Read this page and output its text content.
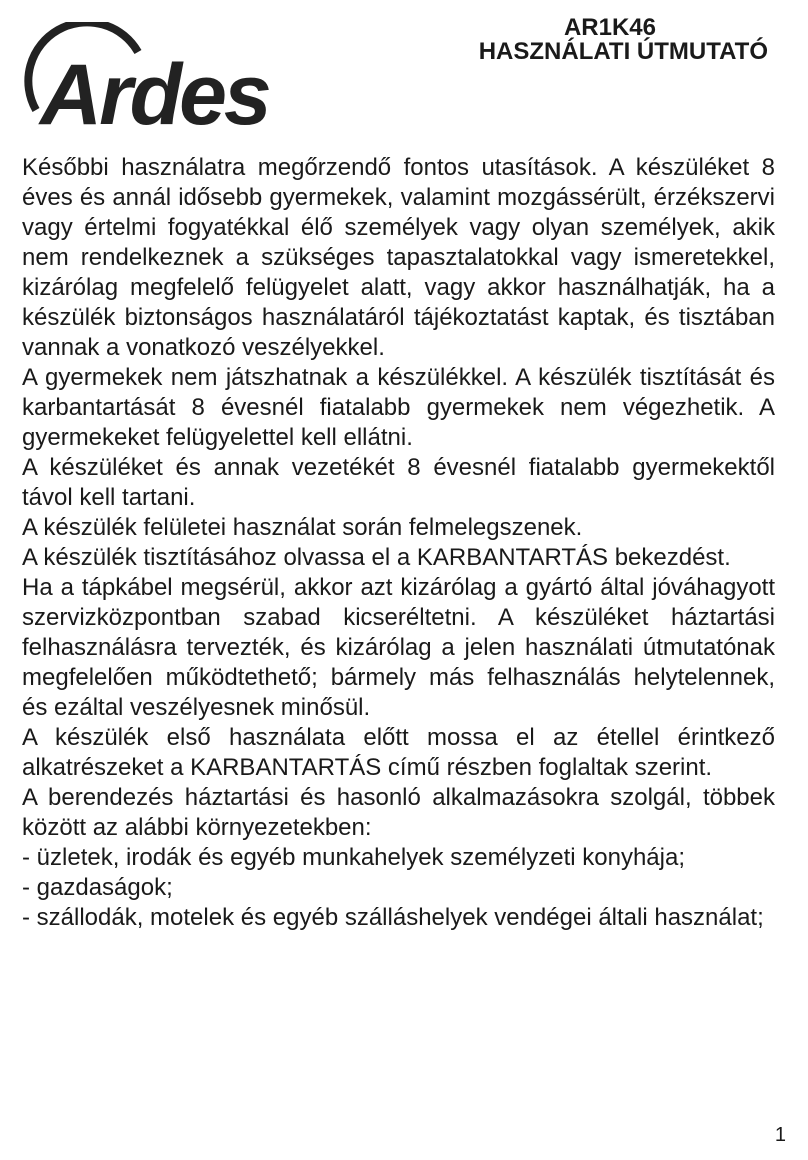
Ardes
AR1K46
HASZNÁLATI ÚTMUTATÓ

Későbbi használatra megőrzendő fontos utasítások. A készüléket 8 éves és annál idősebb gyermekek, valamint mozgássérült, érzékszervi vagy értelmi fogyatékkal élő személyek vagy olyan személyek, akik nem rendelkeznek a szükséges tapasztalatokkal vagy ismeretekkel, kizárólag megfelelő felügyelet alatt, vagy akkor használhatják, ha a készülék biztonságos használatáról tájékoztatást kaptak, és tisztában vannak a vonatkozó veszélyekkel.

A gyermekek nem játszhatnak a készülékkel. A készülék tisztítását és karbantartását 8 évesnél fiatalabb gyermekek nem végezhetik. A gyermekeket felügyelettel kell ellátni.

A készüléket és annak vezetékét 8 évesnél fiatalabb gyermekektől távol kell tartani.

A készülék felületei használat során felmelegszenek.

A készülék tisztításához olvassa el a KARBANTARTÁS bekezdést.

Ha a tápkábel megsérül, akkor azt kizárólag a gyártó által jóváhagyott szervizközpontban szabad kicseréltetni. A készüléket háztartási felhasználásra tervezték, és kizárólag a jelen használati útmutatónak megfelelően működtethető; bármely más felhasználás helytelennek, és ezáltal veszélyesnek minősül.

A készülék első használata előtt mossa el az étellel érintkező alkatrészeket a KARBANTARTÁS című részben foglaltak szerint.

A berendezés háztartási és hasonló alkalmazásokra szolgál, többek között az alábbi környezetekben:

- üzletek, irodák és egyéb munkahelyek személyzeti konyhája;

- gazdaságok;

- szállodák, motelek és egyéb szálláshelyek vendégei általi használat;

1
